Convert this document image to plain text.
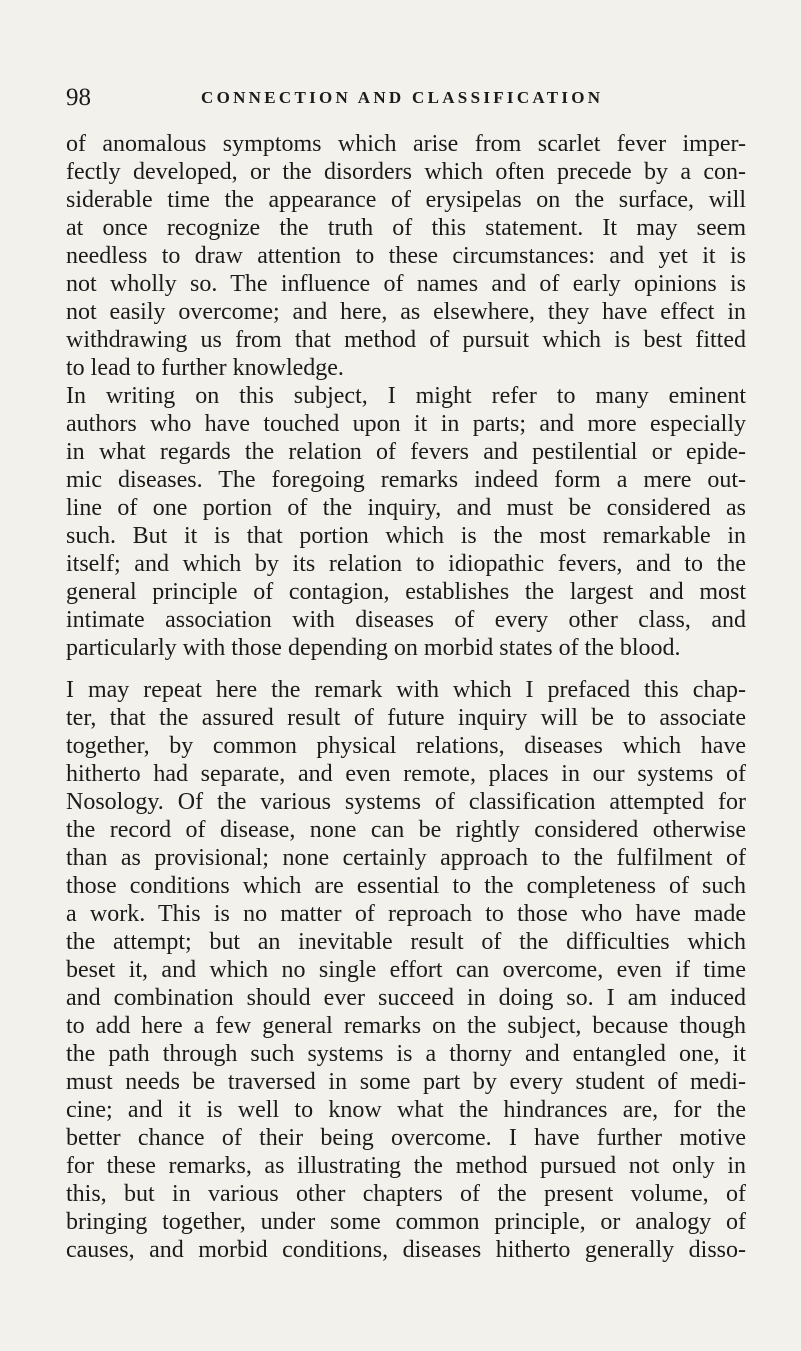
98	CONNECTION AND CLASSIFICATION
of anomalous symptoms which arise from scarlet fever imper-
fectly developed, or the disorders which often precede by a con-
siderable time the appearance of erysipelas on the surface, will
at once recognize the truth of this statement. It may seem
needless to draw attention to these circumstances: and yet it is
not wholly so. The influence of names and of early opinions is
not easily overcome; and here, as elsewhere, they have effect in
withdrawing us from that method of pursuit which is best fitted
to lead to further knowledge.
In writing on this subject, I might refer to many eminent
authors who have touched upon it in parts; and more especially
in what regards the relation of fevers and pestilential or epide-
mic diseases. The foregoing remarks indeed form a mere out-
line of one portion of the inquiry, and must be considered as
such. But it is that portion which is the most remarkable in
itself; and which by its relation to idiopathic fevers, and to the
general principle of contagion, establishes the largest and most
intimate association with diseases of every other class, and
particularly with those depending on morbid states of the blood.
I may repeat here the remark with which I prefaced this chap-
ter, that the assured result of future inquiry will be to associate
together, by common physical relations, diseases which have
hitherto had separate, and even remote, places in our systems of
Nosology. Of the various systems of classification attempted for
the record of disease, none can be rightly considered otherwise
than as provisional; none certainly approach to the fulfilment of
those conditions which are essential to the completeness of such
a work. This is no matter of reproach to those who have made
the attempt; but an inevitable result of the difficulties which
beset it, and which no single effort can overcome, even if time
and combination should ever succeed in doing so. I am induced
to add here a few general remarks on the subject, because though
the path through such systems is a thorny and entangled one, it
must needs be traversed in some part by every student of medi-
cine; and it is well to know what the hindrances are, for the
better chance of their being overcome. I have further motive
for these remarks, as illustrating the method pursued not only in
this, but in various other chapters of the present volume, of
bringing together, under some common principle, or analogy of
causes, and morbid conditions, diseases hitherto generally disso-
